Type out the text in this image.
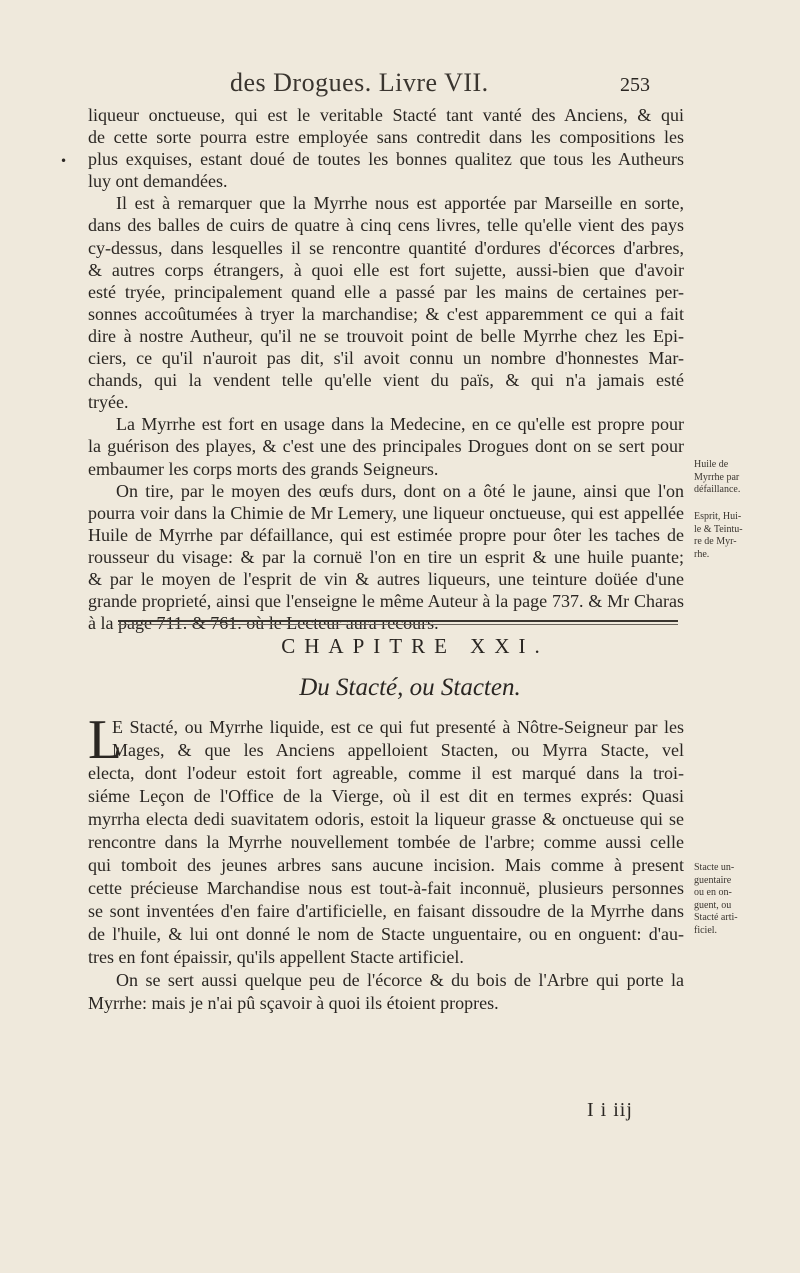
des Drogues. Livre VII.	253
•
liqueur onctueuse, qui est le veritable Stacté tant vanté des Anciens, & qui
de cette sorte pourra estre employée sans contredit dans les compositions les
plus exquises, estant doué de toutes les bonnes qualitez que tous les Autheurs
luy ont demandées.
Il est à remarquer que la Myrrhe nous est apportée par Marseille en sorte,
dans des balles de cuirs de quatre à cinq cens livres, telle qu'elle vient des pays
cy-dessus, dans lesquelles il se rencontre quantité d'ordures d'écorces d'arbres,
& autres corps étrangers, à quoi elle est fort sujette, aussi-bien que d'avoir
esté tryée, principalement quand elle a passé par les mains de certaines per-
sonnes accoûtumées à tryer la marchandise; & c'est apparemment ce qui a fait
dire à nostre Autheur, qu'il ne se trouvoit point de belle Myrrhe chez les Epi-
ciers, ce qu'il n'auroit pas dit, s'il avoit connu un nombre d'honnestes Mar-
chands, qui la vendent telle qu'elle vient du païs, & qui n'a jamais esté
tryée.
La Myrrhe est fort en usage dans la Medecine, en ce qu'elle est propre pour
la guérison des playes, & c'est une des principales Drogues dont on se sert pour
embaumer les corps morts des grands Seigneurs.
On tire, par le moyen des œufs durs, dont on a ôté le jaune, ainsi que l'on
pourra voir dans la Chimie de Mr Lemery, une liqueur onctueuse, qui est appellée
Huile de Myrrhe par défaillance, qui est estimée propre pour ôter les taches de
rousseur du visage: & par la cornuë l'on en tire un esprit & une huile puante;
& par le moyen de l'esprit de vin & autres liqueurs, une teinture doüée d'une
grande proprieté, ainsi que l'enseigne le même Auteur à la page 737. & Mr Charas
à la page 711. & 761. où le Lecteur aura recours.
Huile de
Myrrhe par
défaillance.
Esprit, Hui-
le & Teintu-
re de Myr-
rhe.
CHAPITRE XXI.
Du Stacté, ou Stacten.
L
E Stacté, ou Myrrhe liquide, est ce qui fut presenté à Nôtre-Seigneur par les
Mages, & que les Anciens appelloient Stacten, ou Myrra Stacte, vel
electa, dont l'odeur estoit fort agreable, comme il est marqué dans la troi-
siéme Leçon de l'Office de la Vierge, où il est dit en termes exprés: Quasi
myrrha electa dedi suavitatem odoris, estoit la liqueur grasse & onctueuse qui se
rencontre dans la Myrrhe nouvellement tombée de l'arbre; comme aussi celle
qui tomboit des jeunes arbres sans aucune incision. Mais comme à present
cette précieuse Marchandise nous est tout-à-fait inconnuë, plusieurs personnes
se sont inventées d'en faire d'artificielle, en faisant dissoudre de la Myrrhe dans
de l'huile, & lui ont donné le nom de Stacte unguentaire, ou en onguent: d'au-
tres en font épaissir, qu'ils appellent Stacte artificiel.
On se sert aussi quelque peu de l'écorce & du bois de l'Arbre qui porte la
Myrrhe: mais je n'ai pû sçavoir à quoi ils étoient propres.
Stacte un-
guentaire
ou en on-
guent, ou
Stacté arti-
ficiel.
I i iij
